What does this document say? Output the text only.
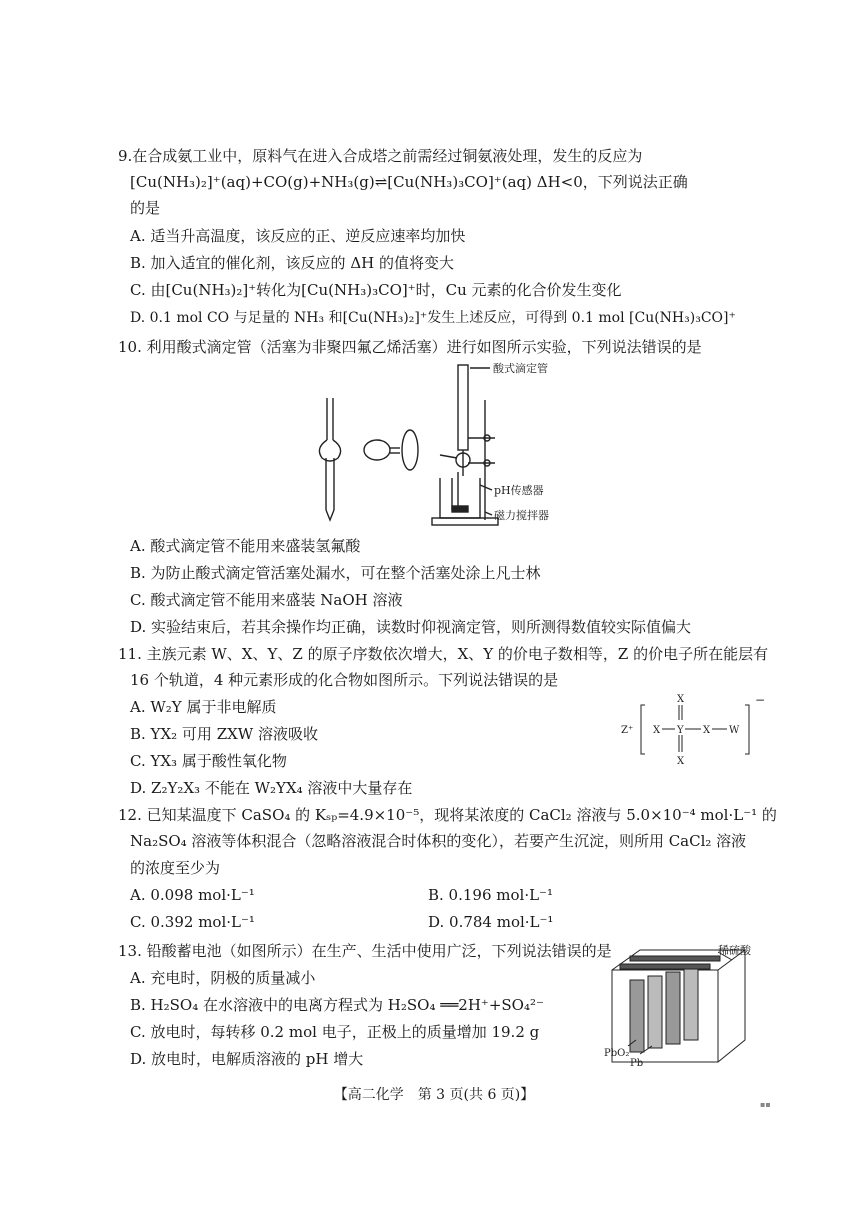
9.在合成氨工业中，原料气在进入合成塔之前需经过铜氨液处理，发生的反应为
[Cu(NH₃)₂]⁺(aq)+CO(g)+NH₃(g)⇌[Cu(NH₃)₃CO]⁺(aq) ΔH<0，下列说法正确
的是
A. 适当升高温度，该反应的正、逆反应速率均加快
B. 加入适宜的催化剂，该反应的 ΔH 的值将变大
C. 由[Cu(NH₃)₂]⁺转化为[Cu(NH₃)₃CO]⁺时，Cu 元素的化合价发生变化
D. 0.1 mol CO 与足量的 NH₃ 和[Cu(NH₃)₂]⁺发生上述反应，可得到 0.1 mol [Cu(NH₃)₃CO]⁺
10. 利用酸式滴定管（活塞为非聚四氟乙烯活塞）进行如图所示实验，下列说法错误的是
酸式滴定管
pH传感器
磁力搅拌器
A. 酸式滴定管不能用来盛装氢氟酸
B. 为防止酸式滴定管活塞处漏水，可在整个活塞处涂上凡士林
C. 酸式滴定管不能用来盛装 NaOH 溶液
D. 实验结束后，若其余操作均正确，读数时仰视滴定管，则所测得数值较实际值偏大
11. 主族元素 W、X、Y、Z 的原子序数依次增大，X、Y 的价电子数相等，Z 的价电子所在能层有
16 个轨道，4 种元素形成的化合物如图所示。下列说法错误的是
A. W₂Y 属于非电解质
B. YX₂ 可用 ZXW 溶液吸收
C. YX₃ 属于酸性氧化物
D. Z₂Y₂X₃ 不能在 W₂YX₄ 溶液中大量存在
Z⁺
X
X Y X W
X
−
12. 已知某温度下 CaSO₄ 的 Kₛₚ=4.9×10⁻⁵，现将某浓度的 CaCl₂ 溶液与 5.0×10⁻⁴ mol·L⁻¹ 的
Na₂SO₄ 溶液等体积混合（忽略溶液混合时体积的变化），若要产生沉淀，则所用 CaCl₂ 溶液
的浓度至少为
A. 0.098 mol·L⁻¹	B. 0.196 mol·L⁻¹
C. 0.392 mol·L⁻¹	D. 0.784 mol·L⁻¹
13. 铅酸蓄电池（如图所示）在生产、生活中使用广泛，下列说法错误的是
A. 充电时，阴极的质量减小
B. H₂SO₄ 在水溶液中的电离方程式为 H₂SO₄ ══2H⁺+SO₄²⁻
C. 放电时，每转移 0.2 mol 电子，正极上的质量增加 19.2 g
D. 放电时，电解质溶液的 pH 增大
稀硫酸
PbO₂
Pb
【高二化学　第 3 页(共 6 页)】
▪▪
